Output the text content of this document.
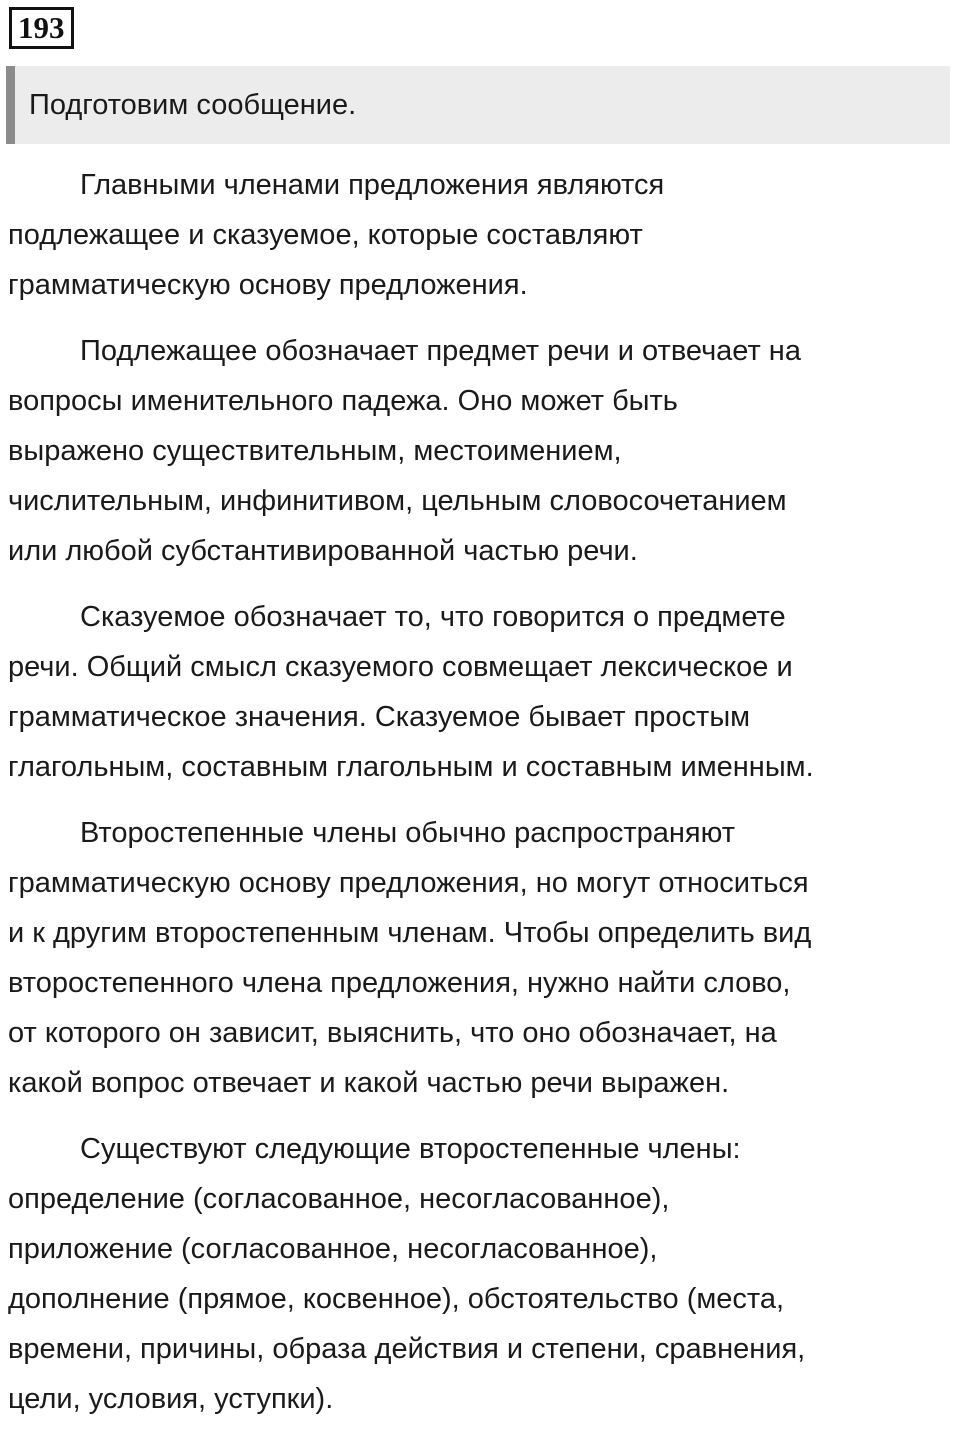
193
Подготовим сообщение.

Главными членами предложения являются
подлежащее и сказуемое, которые составляют
грамматическую основу предложения.

Подлежащее обозначает предмет речи и отвечает на
вопросы именительного падежа. Оно может быть
выражено существительным, местоимением,
числительным, инфинитивом, цельным словосочетанием
или любой субстантивированной частью речи.

Сказуемое обозначает то, что говорится о предмете
речи. Общий смысл сказуемого совмещает лексическое и
грамматическое значения. Сказуемое бывает простым
глагольным, составным глагольным и составным именным.

Второстепенные члены обычно распространяют
грамматическую основу предложения, но могут относиться
и к другим второстепенным членам. Чтобы определить вид
второстепенного члена предложения, нужно найти слово,
от которого он зависит, выяснить, что оно обозначает, на
какой вопрос отвечает и какой частью речи выражен.

Существуют следующие второстепенные члены:
определение (согласованное, несогласованное),
приложение (согласованное, несогласованное),
дополнение (прямое, косвенное), обстоятельство (места,
времени, причины, образа действия и степени, сравнения,
цели, условия, уступки).
